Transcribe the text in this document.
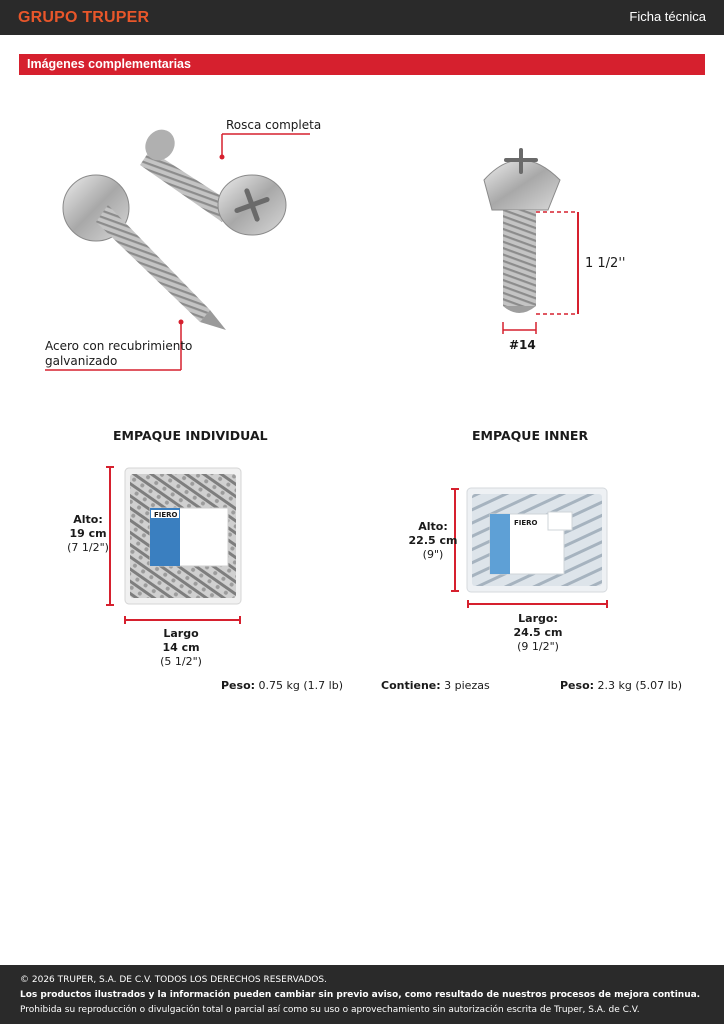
GRUPO TRUPER	Ficha técnica
Imágenes complementarias
Rosca completa
Acero con recubrimiento
galvanizado
1 1/2''
#14
EMPAQUE INDIVIDUAL	EMPAQUE INNER
FIERO
FIERO
Alto:
19 cm
(7 1/2")
Largo
14 cm
(5 1/2")
Peso: 0.75 kg (1.7 lb)
Alto:
22.5 cm
(9")
Largo:
24.5 cm
(9 1/2")
Contiene: 3 piezas	Peso: 2.3 kg (5.07 lb)
© 2026 TRUPER, S.A. DE C.V. TODOS LOS DERECHOS RESERVADOS.
Los productos ilustrados y la información pueden cambiar sin previo aviso, como resultado de nuestros procesos de mejora continua.
Prohibida su reproducción o divulgación total o parcial así como su uso o aprovechamiento sin autorización escrita de Truper, S.A. de C.V.
